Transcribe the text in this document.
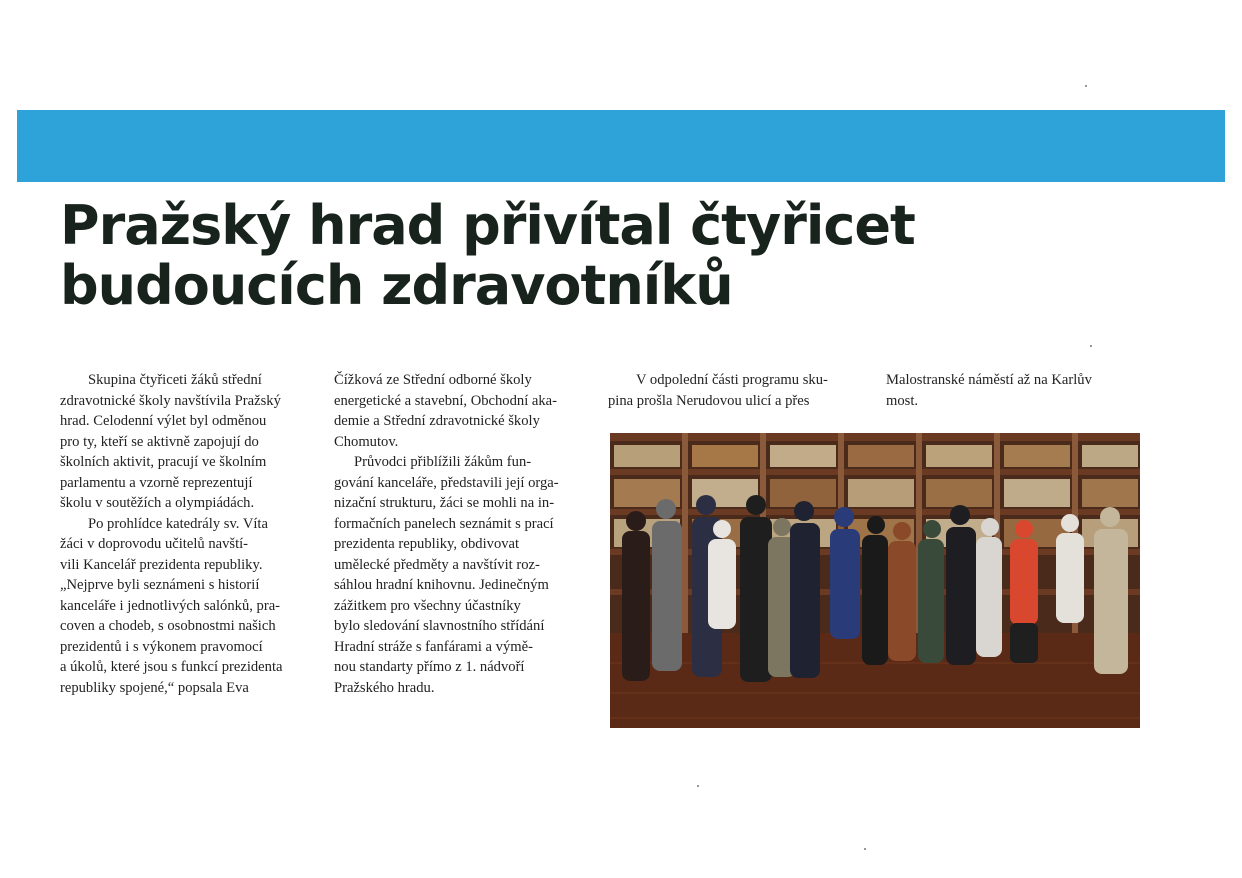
Pražský hrad přivítal čtyřicet
budoucích zdravotníků
Skupina čtyřiceti žáků střední
zdravotnické školy navštívila Pražský
hrad. Celodenní výlet byl odměnou
pro ty, kteří se aktivně zapojují do
školních aktivit, pracují ve školním
parlamentu a vzorně reprezentují
školu v soutěžích a olympiádách.
Po prohlídce katedrály sv. Víta
žáci v doprovodu učitelů navští-
vili Kancelář prezidenta republiky.
„Nejprve byli seznámeni s historií
kanceláře i jednotlivých salónků, pra-
coven a chodeb, s osobnostmi našich
prezidentů i s výkonem pravomocí
a úkolů, které jsou s funkcí prezidenta
republiky spojené,“ popsala Eva
Čížková ze Střední odborné školy
energetické a stavební, Obchodní aka-
demie a Střední zdravotnické školy
Chomutov.
Průvodci přiblížili žákům fun-
gování kanceláře, představili její orga-
nizační strukturu, žáci se mohli na in-
formačních panelech seznámit s prací
prezidenta republiky, obdivovat
umělecké předměty a navštívit roz-
sáhlou hradní knihovnu. Jedinečným
zážitkem pro všechny účastníky
bylo sledování slavnostního střídání
Hradní stráže s fanfárami a výmě-
nou standarty přímo z 1. nádvoří
Pražského hradu.
V odpolední části programu sku-
pina prošla Nerudovou ulicí a přes
Malostranské náměstí až na Karlův
most.
